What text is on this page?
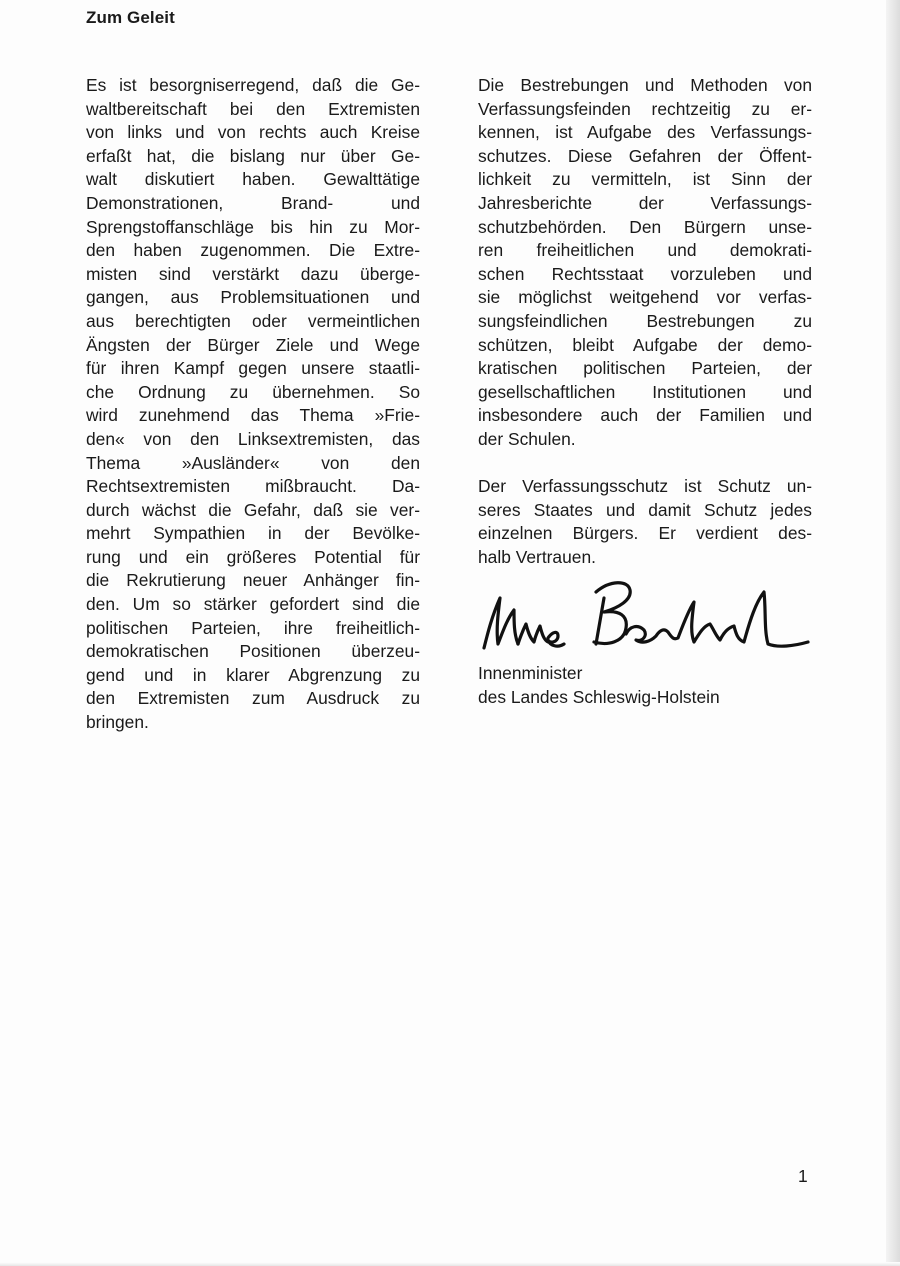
Zum Geleit
Es ist besorgniserregend, daß die Ge-
waltbereitschaft bei den Extremisten
von links und von rechts auch Kreise
erfaßt hat, die bislang nur über Ge-
walt diskutiert haben. Gewalttätige
Demonstrationen, Brand- und
Sprengstoffanschläge bis hin zu Mor-
den haben zugenommen. Die Extre-
misten sind verstärkt dazu überge-
gangen, aus Problemsituationen und
aus berechtigten oder vermeintlichen
Ängsten der Bürger Ziele und Wege
für ihren Kampf gegen unsere staatli-
che Ordnung zu übernehmen. So
wird zunehmend das Thema »Frie-
den« von den Linksextremisten, das
Thema »Ausländer« von den
Rechtsextremisten mißbraucht. Da-
durch wächst die Gefahr, daß sie ver-
mehrt Sympathien in der Bevölke-
rung und ein größeres Potential für
die Rekrutierung neuer Anhänger fin-
den. Um so stärker gefordert sind die
politischen Parteien, ihre freiheitlich-
demokratischen Positionen überzeu-
gend und in klarer Abgrenzung zu
den Extremisten zum Ausdruck zu
bringen.
Die Bestrebungen und Methoden von
Verfassungsfeinden rechtzeitig zu er-
kennen, ist Aufgabe des Verfassungs-
schutzes. Diese Gefahren der Öffent-
lichkeit zu vermitteln, ist Sinn der
Jahresberichte der Verfassungs-
schutzbehörden. Den Bürgern unse-
ren freiheitlichen und demokrati-
schen Rechtsstaat vorzuleben und
sie möglichst weitgehend vor verfas-
sungsfeindlichen Bestrebungen zu
schützen, bleibt Aufgabe der demo-
kratischen politischen Parteien, der
gesellschaftlichen Institutionen und
insbesondere auch der Familien und
der Schulen.
Der Verfassungsschutz ist Schutz un-
seres Staates und damit Schutz jedes
einzelnen Bürgers. Er verdient des-
halb Vertrauen.
Innenminister
des Landes Schleswig-Holstein
1
